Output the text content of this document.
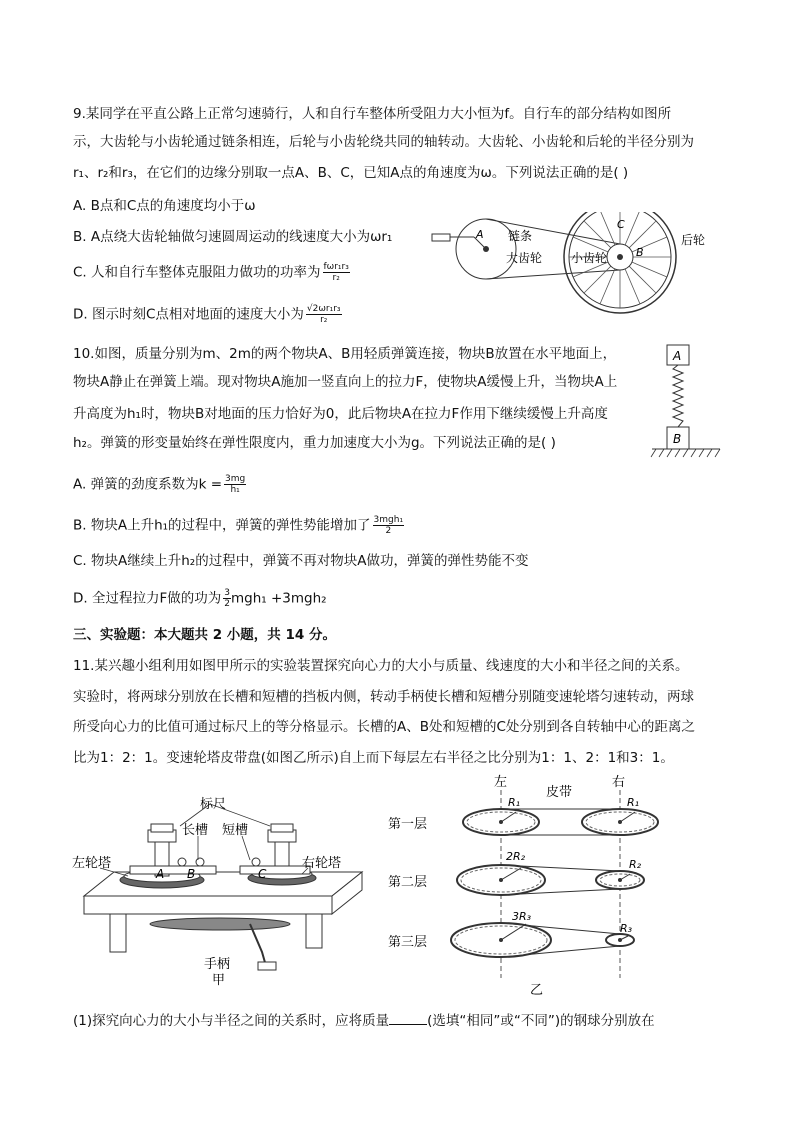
9.某同学在平直公路上正常匀速骑行，人和自行车整体所受阻力大小恒为f。自行车的部分结构如图所
示，大齿轮与小齿轮通过链条相连，后轮与小齿轮绕共同的轴转动。大齿轮、小齿轮和后轮的半径分别为
r₁、r₂和r₃，在它们的边缘分别取一点A、B、C，已知A点的角速度为ω。下列说法正确的是( )
A. B点和C点的角速度均小于ω
B. A点绕大齿轮轴做匀速圆周运动的线速度大小为ωr₁
C. 人和自行车整体克服阻力做功的功率为 $\frac{\text{fωr₁r₃}}{\text{r₂}}$
D. 图示时刻C点相对地面的速度大小为 $\frac{\text{√2ωr₁r₃}}{\text{r₂}}$
A 链条
大齿轮 小齿轮	B
C
后轮
10.如图，质量分别为m、2m的两个物块A、B用轻质弹簧连接，物块B放置在水平地面上，
物块A静止在弹簧上端。现对物块A施加一竖直向上的拉力F，使物块A缓慢上升，当物块A上
升高度为h₁时，物块B对地面的压力恰好为0，此后物块A在拉力F作用下继续缓慢上升高度
h₂。弹簧的形变量始终在弹性限度内，重力加速度大小为g。下列说法正确的是( )
A. 弹簧的劲度系数为$k = \frac{3mg}{\text{h₁}}$
B. 物块A上升h₁的过程中，弹簧的弹性势能增加了 $\frac{\text{3mgh₁}}{2}$
C. 物块A继续上升h₂的过程中，弹簧不再对物块A做功，弹簧的弹性势能不变
D. 全过程拉力F做的功为 $\frac{3}{2} mgh_1 +3mgh_2$
A
B
三、实验题：本大题共 2 小题，共 14 分。
11.某兴趣小组利用如图甲所示的实验装置探究向心力的大小与质量、线速度的大小和半径之间的关系。
实验时，将两球分别放在长槽和短槽的挡板内侧，转动手柄使长槽和短槽分别随变速轮塔匀速转动，两球
所受向心力的比值可通过标尺上的等分格显示。长槽的A、B处和短槽的C处分别到各自转轴中心的距离之
比为1：2：1。变速轮塔皮带盘(如图乙所示)自上而下每层左右半径之比分别为1：1、2：1和3：1。
标尺
长槽 短槽
左轮塔	右轮塔
A B	C
手柄
甲
左
皮带
右
第一层
第二层
第三层
R₁	R₁
2R₂
R₂
3R₃
R₃
乙
(1)探究向心力的大小与半径之间的关系时，应将质量	(选填“相同”或“不同”)的钢球分别放在
